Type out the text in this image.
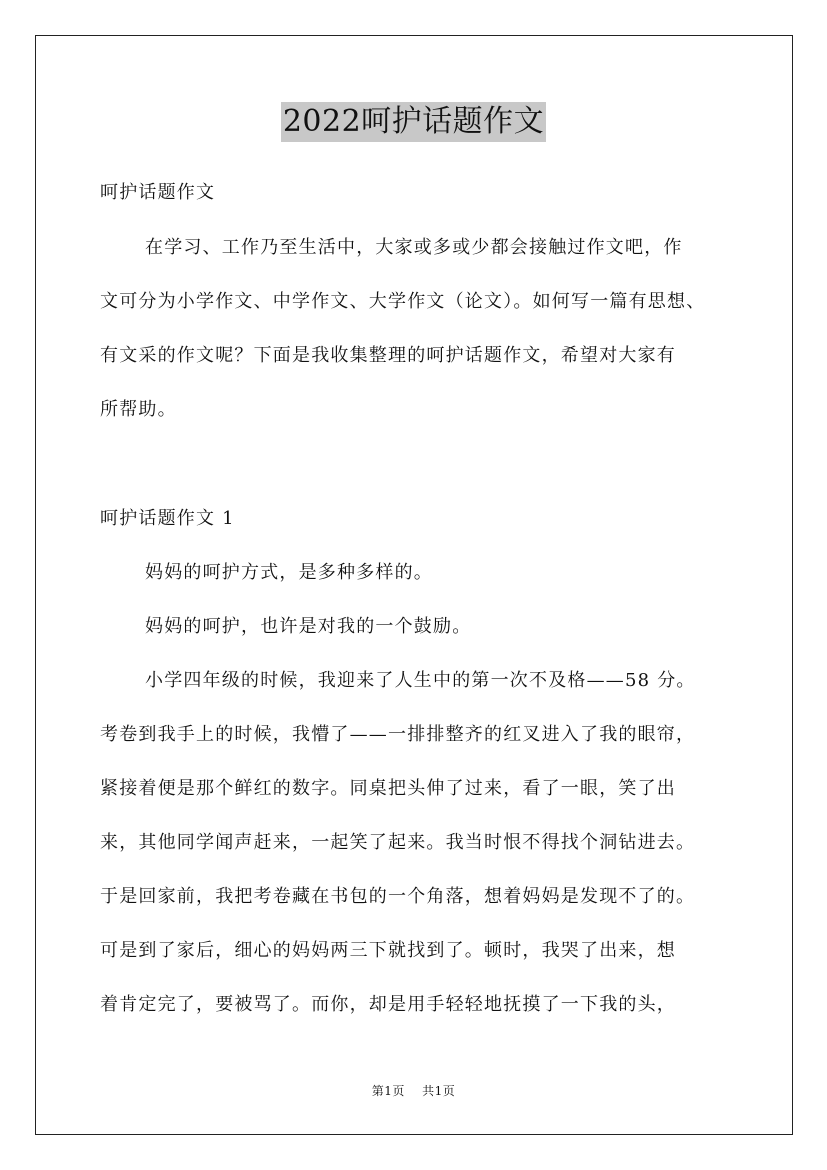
2022呵护话题作文
呵护话题作文
在学习、工作乃至生活中，大家或多或少都会接触过作文吧，作
文可分为小学作文、中学作文、大学作文（论文）。如何写一篇有思想、
有文采的作文呢？下面是我收集整理的呵护话题作文，希望对大家有
所帮助。
呵护话题作文 1
妈妈的呵护方式，是多种多样的。
妈妈的呵护，也许是对我的一个鼓励。
小学四年级的时候，我迎来了人生中的第一次不及格——58 分。
考卷到我手上的时候，我懵了——一排排整齐的红叉进入了我的眼帘，
紧接着便是那个鲜红的数字。同桌把头伸了过来，看了一眼，笑了出
来，其他同学闻声赶来，一起笑了起来。我当时恨不得找个洞钻进去。
于是回家前，我把考卷藏在书包的一个角落，想着妈妈是发现不了的。
可是到了家后，细心的妈妈两三下就找到了。顿时，我哭了出来，想
着肯定完了，要被骂了。而你，却是用手轻轻地抚摸了一下我的头，
第1页 共1页
